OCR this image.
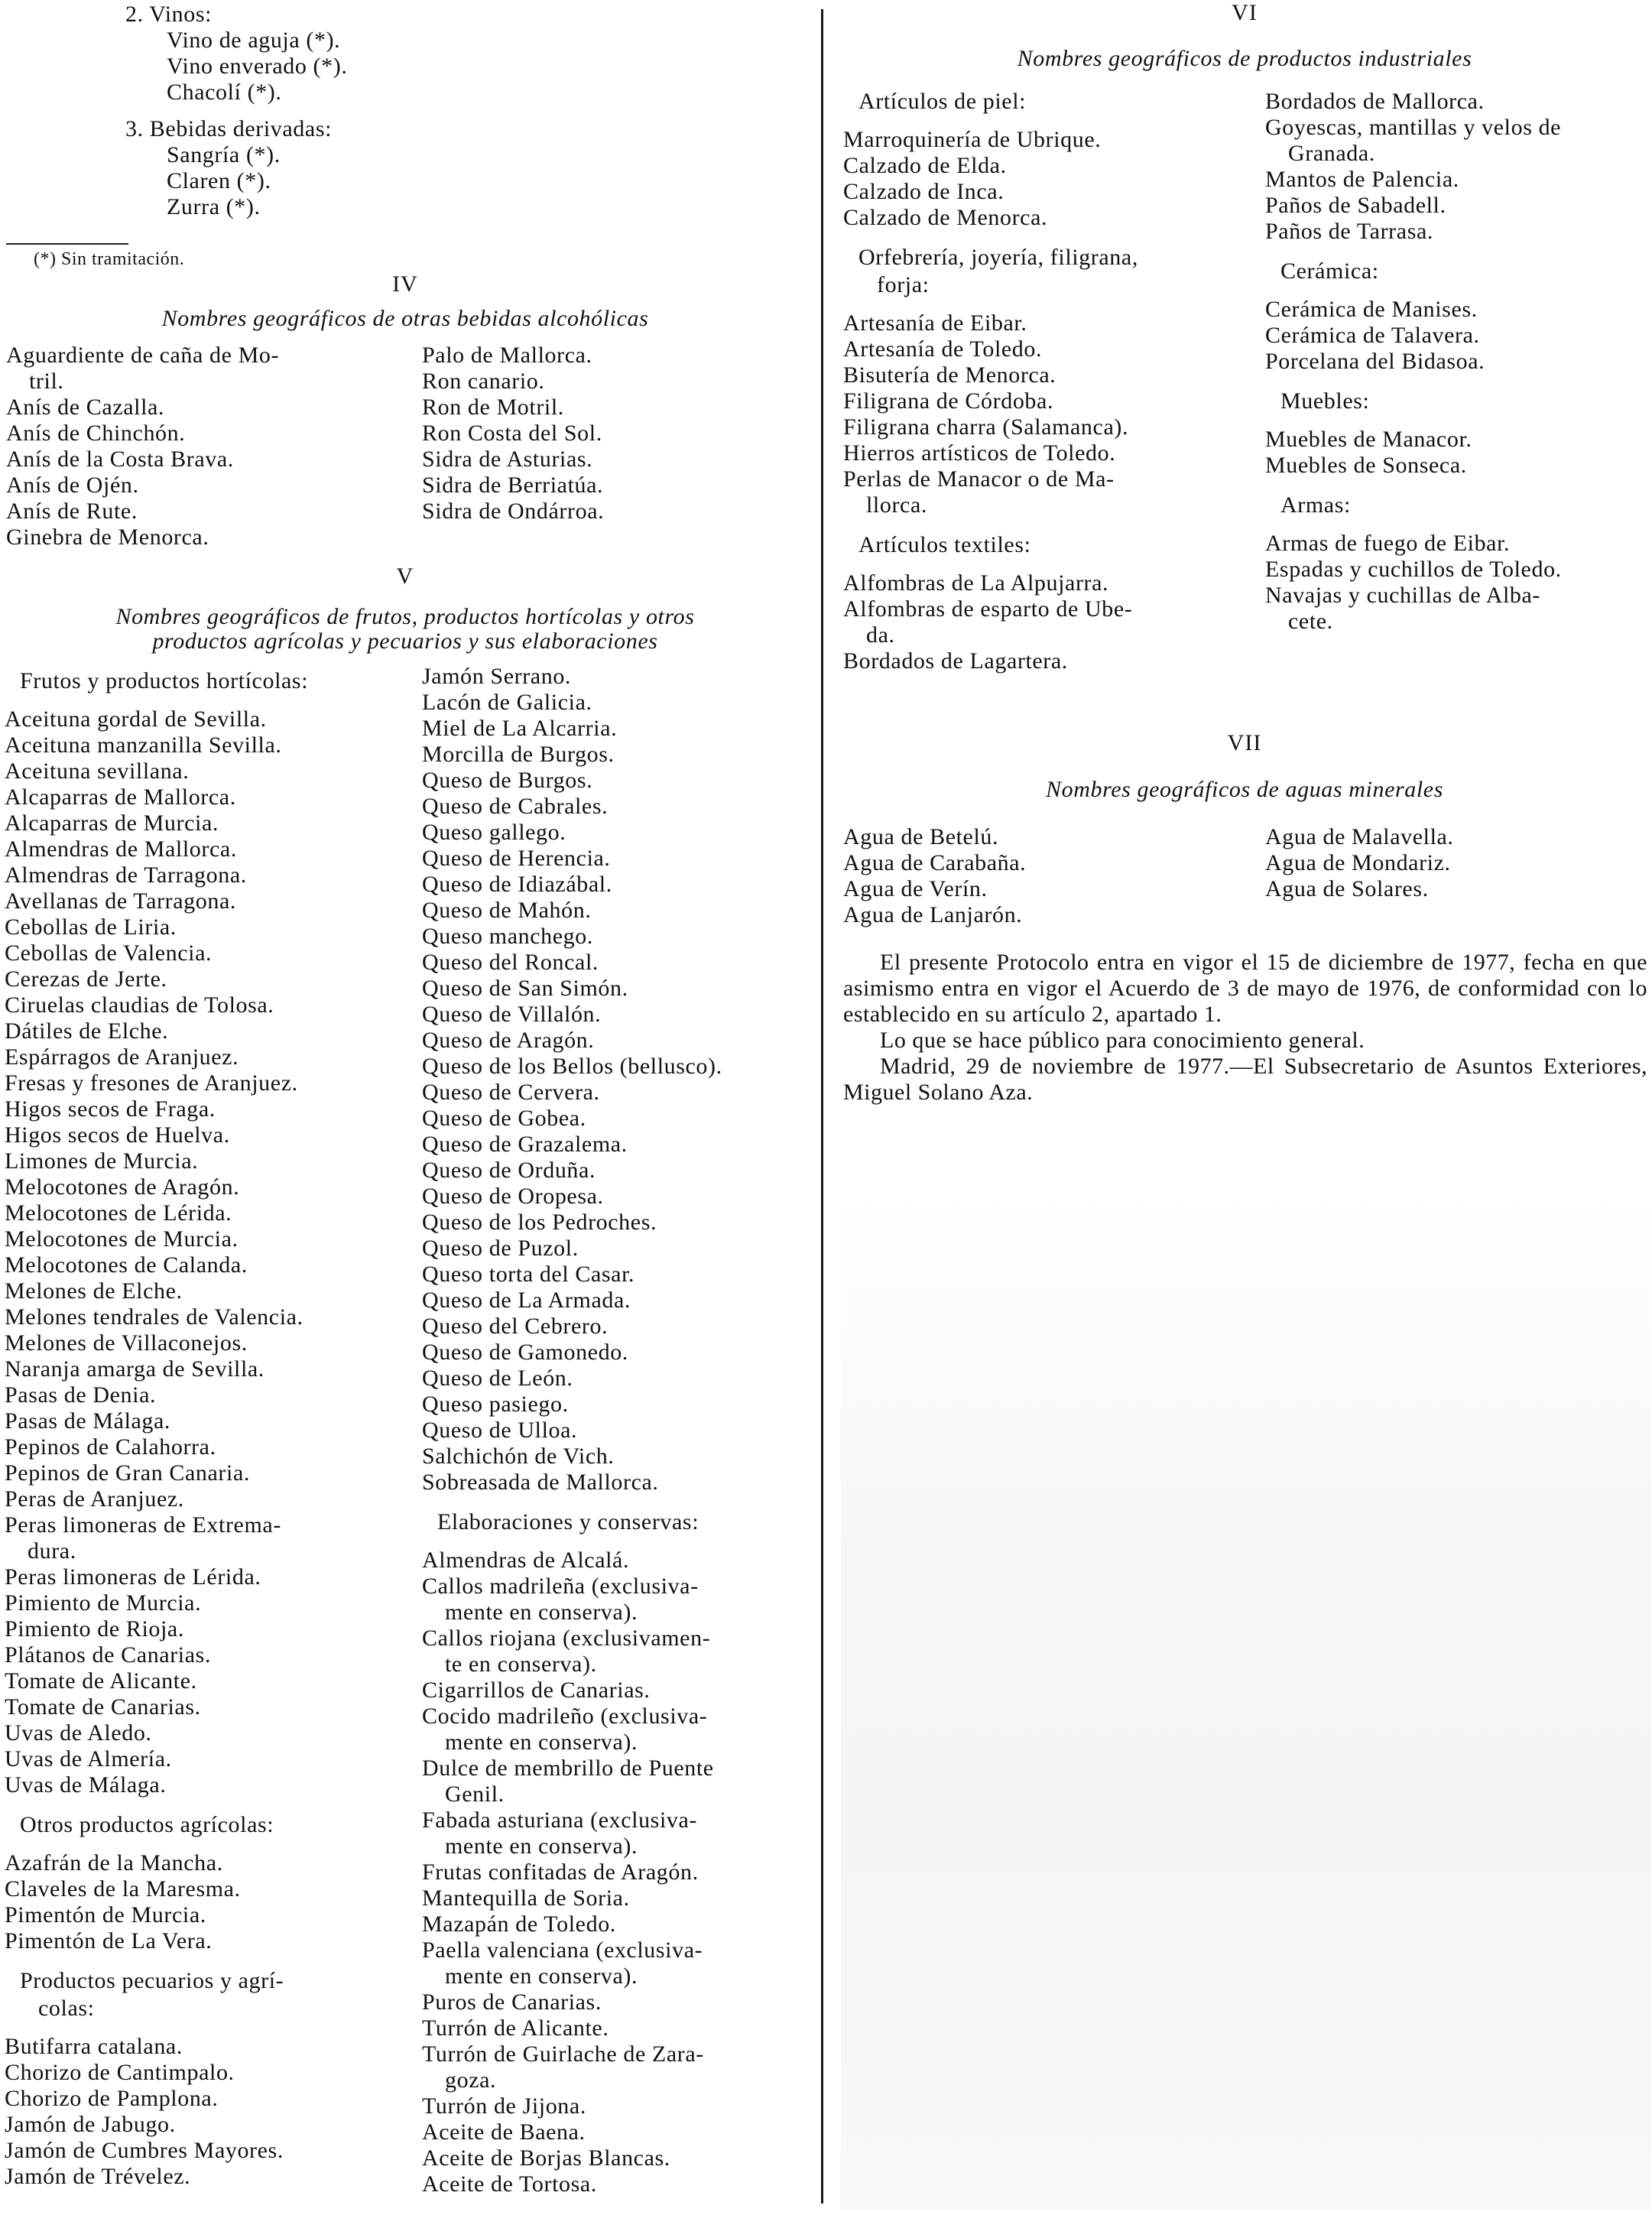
2. Vinos:
Vino de aguja (*).
Vino enverado (*).
Chacolí (*).
3. Bebidas derivadas:
Sangría (*).
Claren (*).
Zurra (*).
(*) Sin tramitación.
IV
Nombres geográficos de otras bebidas alcohólicas
Aguardiente de caña de Mo-
tril.
Anís de Cazalla.
Anís de Chinchón.
Anís de la Costa Brava.
Anís de Ojén.
Anís de Rute.
Ginebra de Menorca.
Palo de Mallorca.
Ron canario.
Ron de Motril.
Ron Costa del Sol.
Sidra de Asturias.
Sidra de Berriatúa.
Sidra de Ondárroa.
V
Nombres geográficos de frutos, productos hortícolas y otros
productos agrícolas y pecuarios y sus elaboraciones
Frutos y productos hortícolas:
Aceituna gordal de Sevilla.
Aceituna manzanilla Sevilla.
Aceituna sevillana.
Alcaparras de Mallorca.
Alcaparras de Murcia.
Almendras de Mallorca.
Almendras de Tarragona.
Avellanas de Tarragona.
Cebollas de Liria.
Cebollas de Valencia.
Cerezas de Jerte.
Ciruelas claudias de Tolosa.
Dátiles de Elche.
Espárragos de Aranjuez.
Fresas y fresones de Aranjuez.
Higos secos de Fraga.
Higos secos de Huelva.
Limones de Murcia.
Melocotones de Aragón.
Melocotones de Lérida.
Melocotones de Murcia.
Melocotones de Calanda.
Melones de Elche.
Melones tendrales de Valencia.
Melones de Villaconejos.
Naranja amarga de Sevilla.
Pasas de Denia.
Pasas de Málaga.
Pepinos de Calahorra.
Pepinos de Gran Canaria.
Peras de Aranjuez.
Peras limoneras de Extrema-
dura.
Peras limoneras de Lérida.
Pimiento de Murcia.
Pimiento de Rioja.
Plátanos de Canarias.
Tomate de Alicante.
Tomate de Canarias.
Uvas de Aledo.
Uvas de Almería.
Uvas de Málaga.
Otros productos agrícolas:
Azafrán de la Mancha.
Claveles de la Maresma.
Pimentón de Murcia.
Pimentón de La Vera.
Productos pecuarios y agrí-
colas:
Butifarra catalana.
Chorizo de Cantimpalo.
Chorizo de Pamplona.
Jamón de Jabugo.
Jamón de Cumbres Mayores.
Jamón de Trévelez.
Jamón Serrano.
Lacón de Galicia.
Miel de La Alcarria.
Morcilla de Burgos.
Queso de Burgos.
Queso de Cabrales.
Queso gallego.
Queso de Herencia.
Queso de Idiazábal.
Queso de Mahón.
Queso manchego.
Queso del Roncal.
Queso de San Simón.
Queso de Villalón.
Queso de Aragón.
Queso de los Bellos (bellusco).
Queso de Cervera.
Queso de Gobea.
Queso de Grazalema.
Queso de Orduña.
Queso de Oropesa.
Queso de los Pedroches.
Queso de Puzol.
Queso torta del Casar.
Queso de La Armada.
Queso del Cebrero.
Queso de Gamonedo.
Queso de León.
Queso pasiego.
Queso de Ulloa.
Salchichón de Vich.
Sobreasada de Mallorca.
Elaboraciones y conservas:
Almendras de Alcalá.
Callos madrileña (exclusiva-
mente en conserva).
Callos riojana (exclusivamen-
te en conserva).
Cigarrillos de Canarias.
Cocido madrileño (exclusiva-
mente en conserva).
Dulce de membrillo de Puente
Genil.
Fabada asturiana (exclusiva-
mente en conserva).
Frutas confitadas de Aragón.
Mantequilla de Soria.
Mazapán de Toledo.
Paella valenciana (exclusiva-
mente en conserva).
Puros de Canarias.
Turrón de Alicante.
Turrón de Guirlache de Zara-
goza.
Turrón de Jijona.
Aceite de Baena.
Aceite de Borjas Blancas.
Aceite de Tortosa.
VI
Nombres geográficos de productos industriales
Artículos de piel:
Marroquinería de Ubrique.
Calzado de Elda.
Calzado de Inca.
Calzado de Menorca.
Orfebrería, joyería, filigrana,
forja:
Artesanía de Eibar.
Artesanía de Toledo.
Bisutería de Menorca.
Filigrana de Córdoba.
Filigrana charra (Salamanca).
Hierros artísticos de Toledo.
Perlas de Manacor o de Ma-
llorca.
Artículos textiles:
Alfombras de La Alpujarra.
Alfombras de esparto de Ube-
da.
Bordados de Lagartera.
Bordados de Mallorca.
Goyescas, mantillas y velos de
Granada.
Mantos de Palencia.
Paños de Sabadell.
Paños de Tarrasa.
Cerámica:
Cerámica de Manises.
Cerámica de Talavera.
Porcelana del Bidasoa.
Muebles:
Muebles de Manacor.
Muebles de Sonseca.
Armas:
Armas de fuego de Eibar.
Espadas y cuchillos de Toledo.
Navajas y cuchillas de Alba-
cete.
VII
Nombres geográficos de aguas minerales
Agua de Betelú.
Agua de Carabaña.
Agua de Verín.
Agua de Lanjarón.
Agua de Malavella.
Agua de Mondariz.
Agua de Solares.

El presente Protocolo entra en vigor el 15 de diciembre de 1977, fecha en que asimismo entra en vigor el Acuerdo de 3 de mayo de 1976, de conformidad con lo establecido en su artículo 2, apartado 1.

Lo que se hace público para conocimiento general.

Madrid, 29 de noviembre de 1977.—El Subsecretario de Asuntos Exteriores, Miguel Solano Aza.
